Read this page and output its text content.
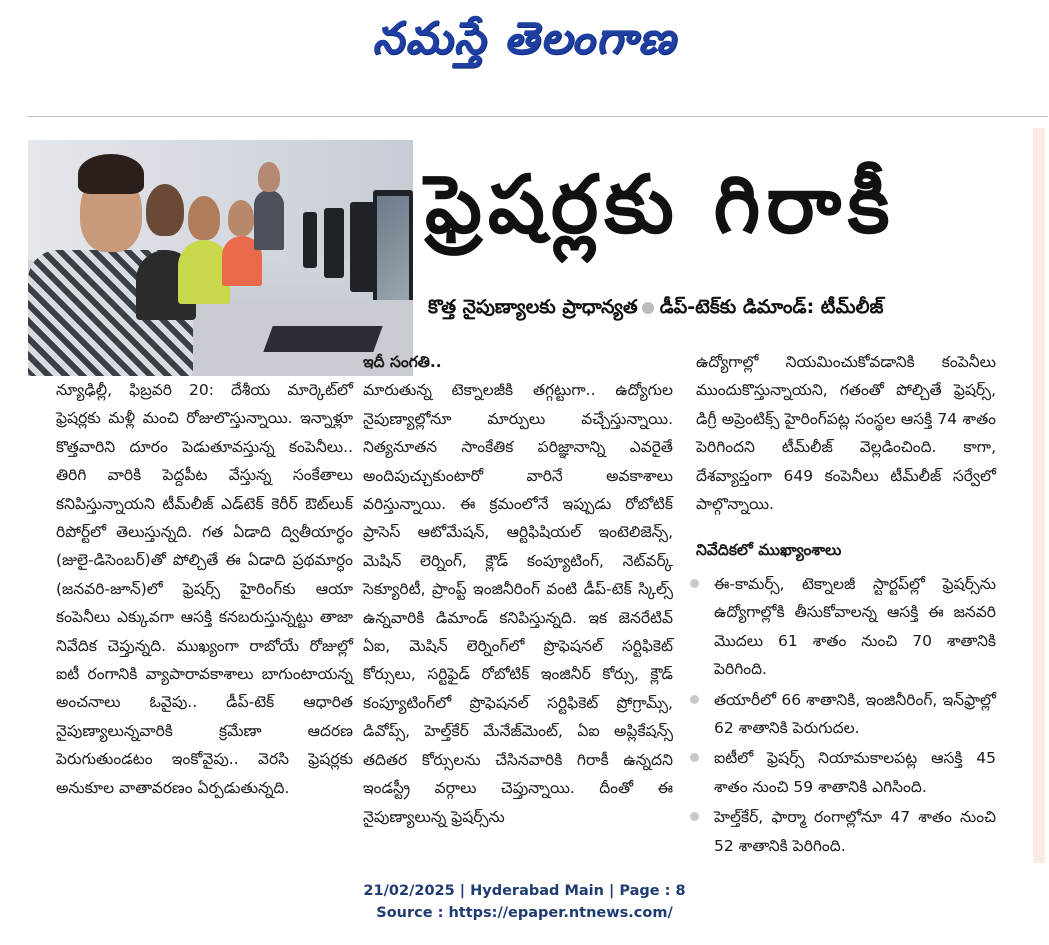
నమస్తే తెలంగాణ
ఫ్రెషర్లకు గిరాకీ
కొత్త నైపుణ్యాలకు ప్రాధాన్యత డీప్-టెక్‌కు డిమాండ్: టీమ్‌లీజ్

న్యూఢిల్లీ, ఫిబ్రవరి 20: దేశీయ మార్కెట్‌లో ఫ్రెషర్లకు మళ్లీ మంచి రోజులొస్తున్నాయి. ఇన్నాళ్లూ కొత్తవారిని దూరం పెడుతూవస్తున్న కంపెనీలు.. తిరిగి వారికి పెద్దపీట వేస్తున్న సంకేతాలు కనిపిస్తున్నాయని టీమ్‌లీజ్ ఎడ్‌టెక్ కెరీర్ ఔట్‌లుక్ రిపోర్ట్‌లో తెలుస్తున్నది. గత ఏడాది ద్వితీయార్ధం (జులై-డిసెంబర్)తో పోల్చితే ఈ ఏడాది ప్రథమార్ధం (జనవరి-జూన్)లో ఫ్రెషర్స్ హైరింగ్‌కు ఆయా కంపెనీలు ఎక్కువగా ఆసక్తి కనబరుస్తున్నట్టు తాజా నివేదిక చెప్తున్నది. ముఖ్యంగా రాబోయే రోజుల్లో ఐటీ రంగానికి వ్యాపారావకాశాలు బాగుంటాయన్న అంచనాలు ఓవైపు.. డీప్-టెక్ ఆధారిత నైపుణ్యాలున్నవారికి క్రమేణా ఆదరణ పెరుగుతుండటం ఇంకోవైపు.. వెరసి ఫ్రెషర్లకు అనుకూల వాతావరణం ఏర్పడుతున్నది.

ఇదీ సంగతి..

మారుతున్న టెక్నాలజీకి తగ్గట్టుగా.. ఉద్యోగుల నైపుణ్యాల్లోనూ మార్పులు వచ్చేస్తున్నాయి. నిత్యనూతన సాంకేతిక పరిజ్ఞానాన్ని ఎవరైతే అందిపుచ్చుకుంటారో వారినే అవకాశాలు వరిస్తున్నాయి. ఈ క్రమంలోనే ఇప్పుడు రోబోటిక్ ప్రాసెస్ ఆటోమేషన్, ఆర్టిఫిషియల్ ఇంటెలిజెన్స్, మెషిన్ లెర్నింగ్, క్లౌడ్ కంప్యూటింగ్, నెట్‌వర్క్ సెక్యూరిటీ, ప్రాంప్ట్ ఇంజినీరింగ్ వంటి డీప్-టెక్ స్కిల్స్ ఉన్నవారికి డిమాండ్ కనిపిస్తున్నది. ఇక జెనరేటివ్ ఏఐ, మెషిన్ లెర్నింగ్‌లో ప్రొఫెషనల్ సర్టిఫికెట్ కోర్సులు, సర్టిఫైడ్ రోబోటిక్ ఇంజినీర్ కోర్సు, క్లౌడ్ కంప్యూటింగ్‌లో ప్రొఫెషనల్ సర్టిఫికెట్ ప్రోగ్రామ్స్, డివోప్స్, హెల్త్‌కేర్ మేనేజ్‌మెంట్, ఏఐ అప్లికేషన్స్ తదితర కోర్సులను చేసినవారికి గిరాకీ ఉన్నదని ఇండస్ట్రీ వర్గాలు చెప్తున్నాయి. దీంతో ఈ నైపుణ్యాలున్న ఫ్రెషర్స్‌ను

ఉద్యోగాల్లో నియమించుకోవడానికి కంపెనీలు ముందుకొస్తున్నాయని, గతంతో పోల్చితే ఫ్రెషర్స్, డిగ్రీ అప్రెంటిక్స్ హైరింగ్‌పట్ల సంస్థల ఆసక్తి 74 శాతం పెరిగిందని టీమ్‌లీజ్ వెల్లడించింది. కాగా, దేశవ్యాప్తంగా 649 కంపెనీలు టీమ్‌లీజ్ సర్వేలో పాల్గొన్నాయి.

నివేదికలో ముఖ్యాంశాలు

ఈ-కామర్స్, టెక్నాలజీ స్టార్టప్‌ల్లో ఫ్రెషర్స్‌ను ఉద్యోగాల్లోకి తీసుకోవాలన్న ఆసక్తి ఈ జనవరి మొదలు 61 శాతం నుంచి 70 శాతానికి పెరిగింది.
తయారీలో 66 శాతానికి, ఇంజినీరింగ్, ఇన్‌ఫ్రాల్లో 62 శాతానికి పెరుగుదల.
ఐటీలో ఫ్రెషర్స్ నియామకాలపట్ల ఆసక్తి 45 శాతం నుంచి 59 శాతానికి ఎగిసింది.
హెల్త్‌కేర్, ఫార్మా రంగాల్లోనూ 47 శాతం నుంచి 52 శాతానికి పెరిగింది.
21/02/2025 | Hyderabad Main | Page : 8
Source : https://epaper.ntnews.com/
